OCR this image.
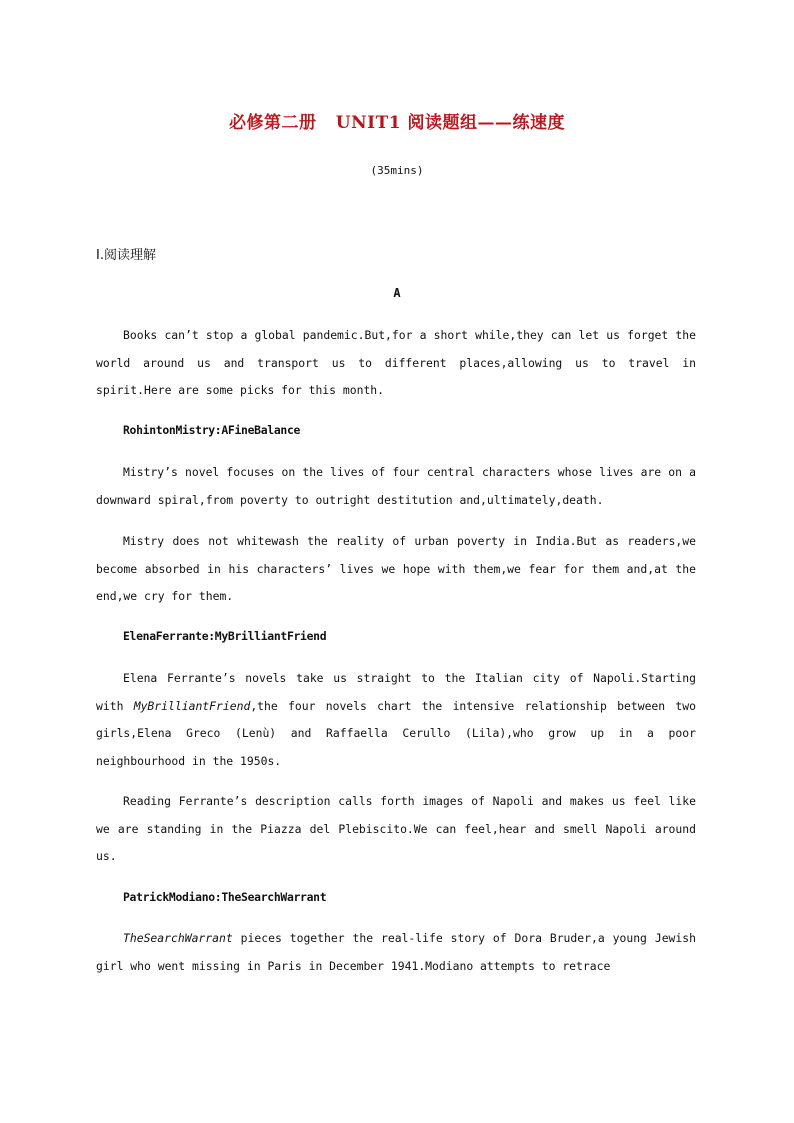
必修第二册   UNIT1 阅读题组——练速度
(35mins)
Ⅰ.阅读理解
A
Books can’t stop a global pandemic.But,for a short while,they can let us forget the world around us and transport us to different places,allowing us to travel in spirit.Here are some picks for this month.
RohintonMistry:AFineBalance
Mistry’s novel focuses on the lives of four central characters whose lives are on a downward spiral,from poverty to outright destitution and,ultimately,death.
Mistry does not whitewash the reality of urban poverty in India.But as readers,we become absorbed in his characters’ lives we hope with them,we fear for them and,at the end,we cry for them.
ElenaFerrante:MyBrilliantFriend
Elena Ferrante’s novels take us straight to the Italian city of Napoli.Starting with MyBrilliantFriend,the four novels chart the intensive relationship between two girls,Elena Greco (Lenù) and Raffaella Cerullo (Lila),who grow up in a poor neighbourhood in the 1950s.
Reading Ferrante’s description calls forth images of Napoli and makes us feel like we are standing in the Piazza del Plebiscito.We can feel,hear and smell Napoli around us.
PatrickModiano:TheSearchWarrant
TheSearchWarrant pieces together the real-life story of Dora Bruder,a young Jewish girl who went missing in Paris in December 1941.Modiano attempts to retrace
